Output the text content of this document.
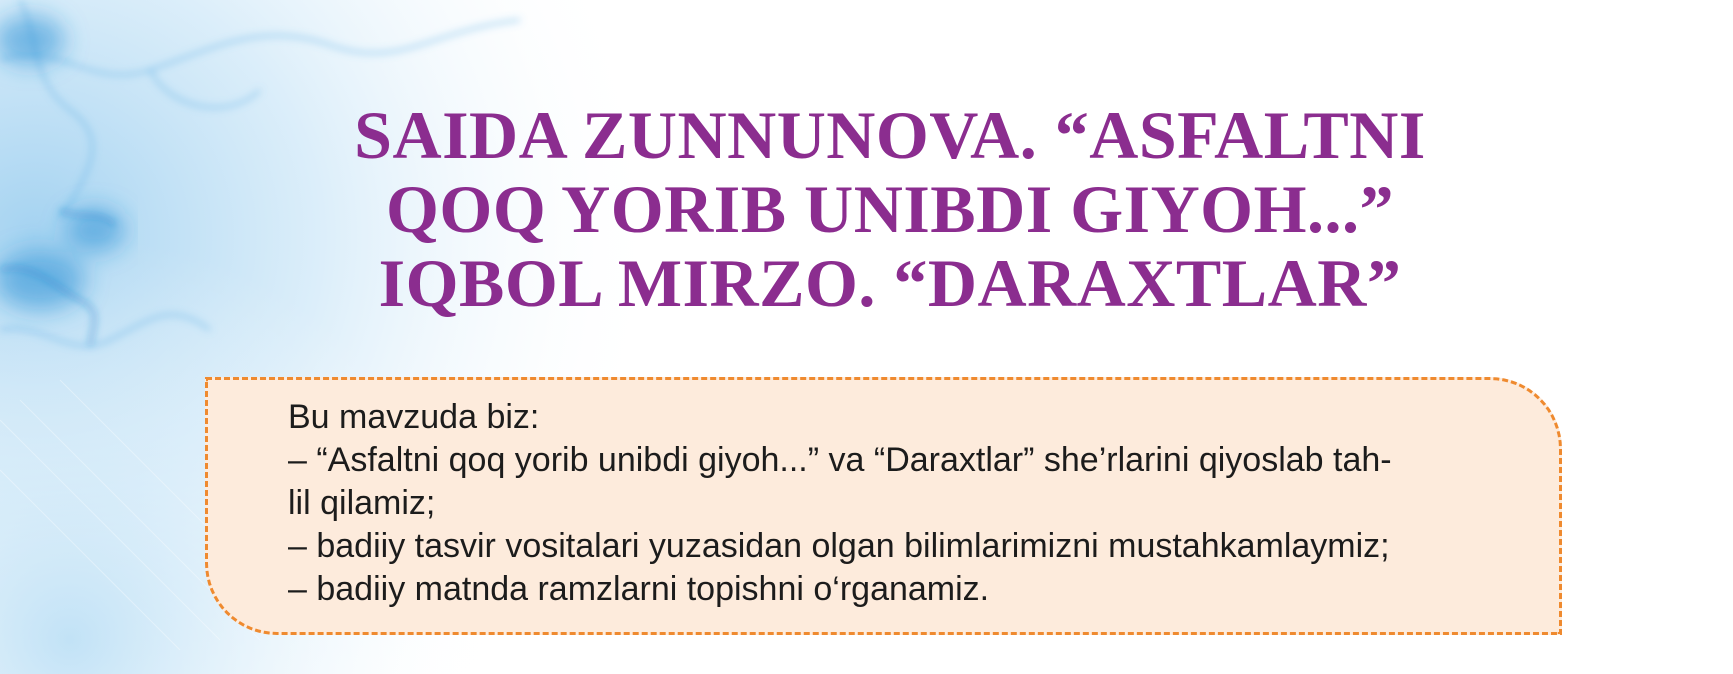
SAIDA ZUNNUNOVA. “ASFALTNI
QOQ YORIB UNIBDI GIYOH...”
IQBOL MIRZO. “DARAXTLAR”
Bu mavzuda biz:
– “Asfaltni qoq yorib unibdi giyoh...” va “Daraxtlar” she’rlarini qiyoslab tah-
lil qilamiz;
– badiiy tasvir vositalari yuzasidan olgan bilimlarimizni mustahkamlaymiz;
– badiiy matnda ramzlarni topishni o‘rganamiz.
